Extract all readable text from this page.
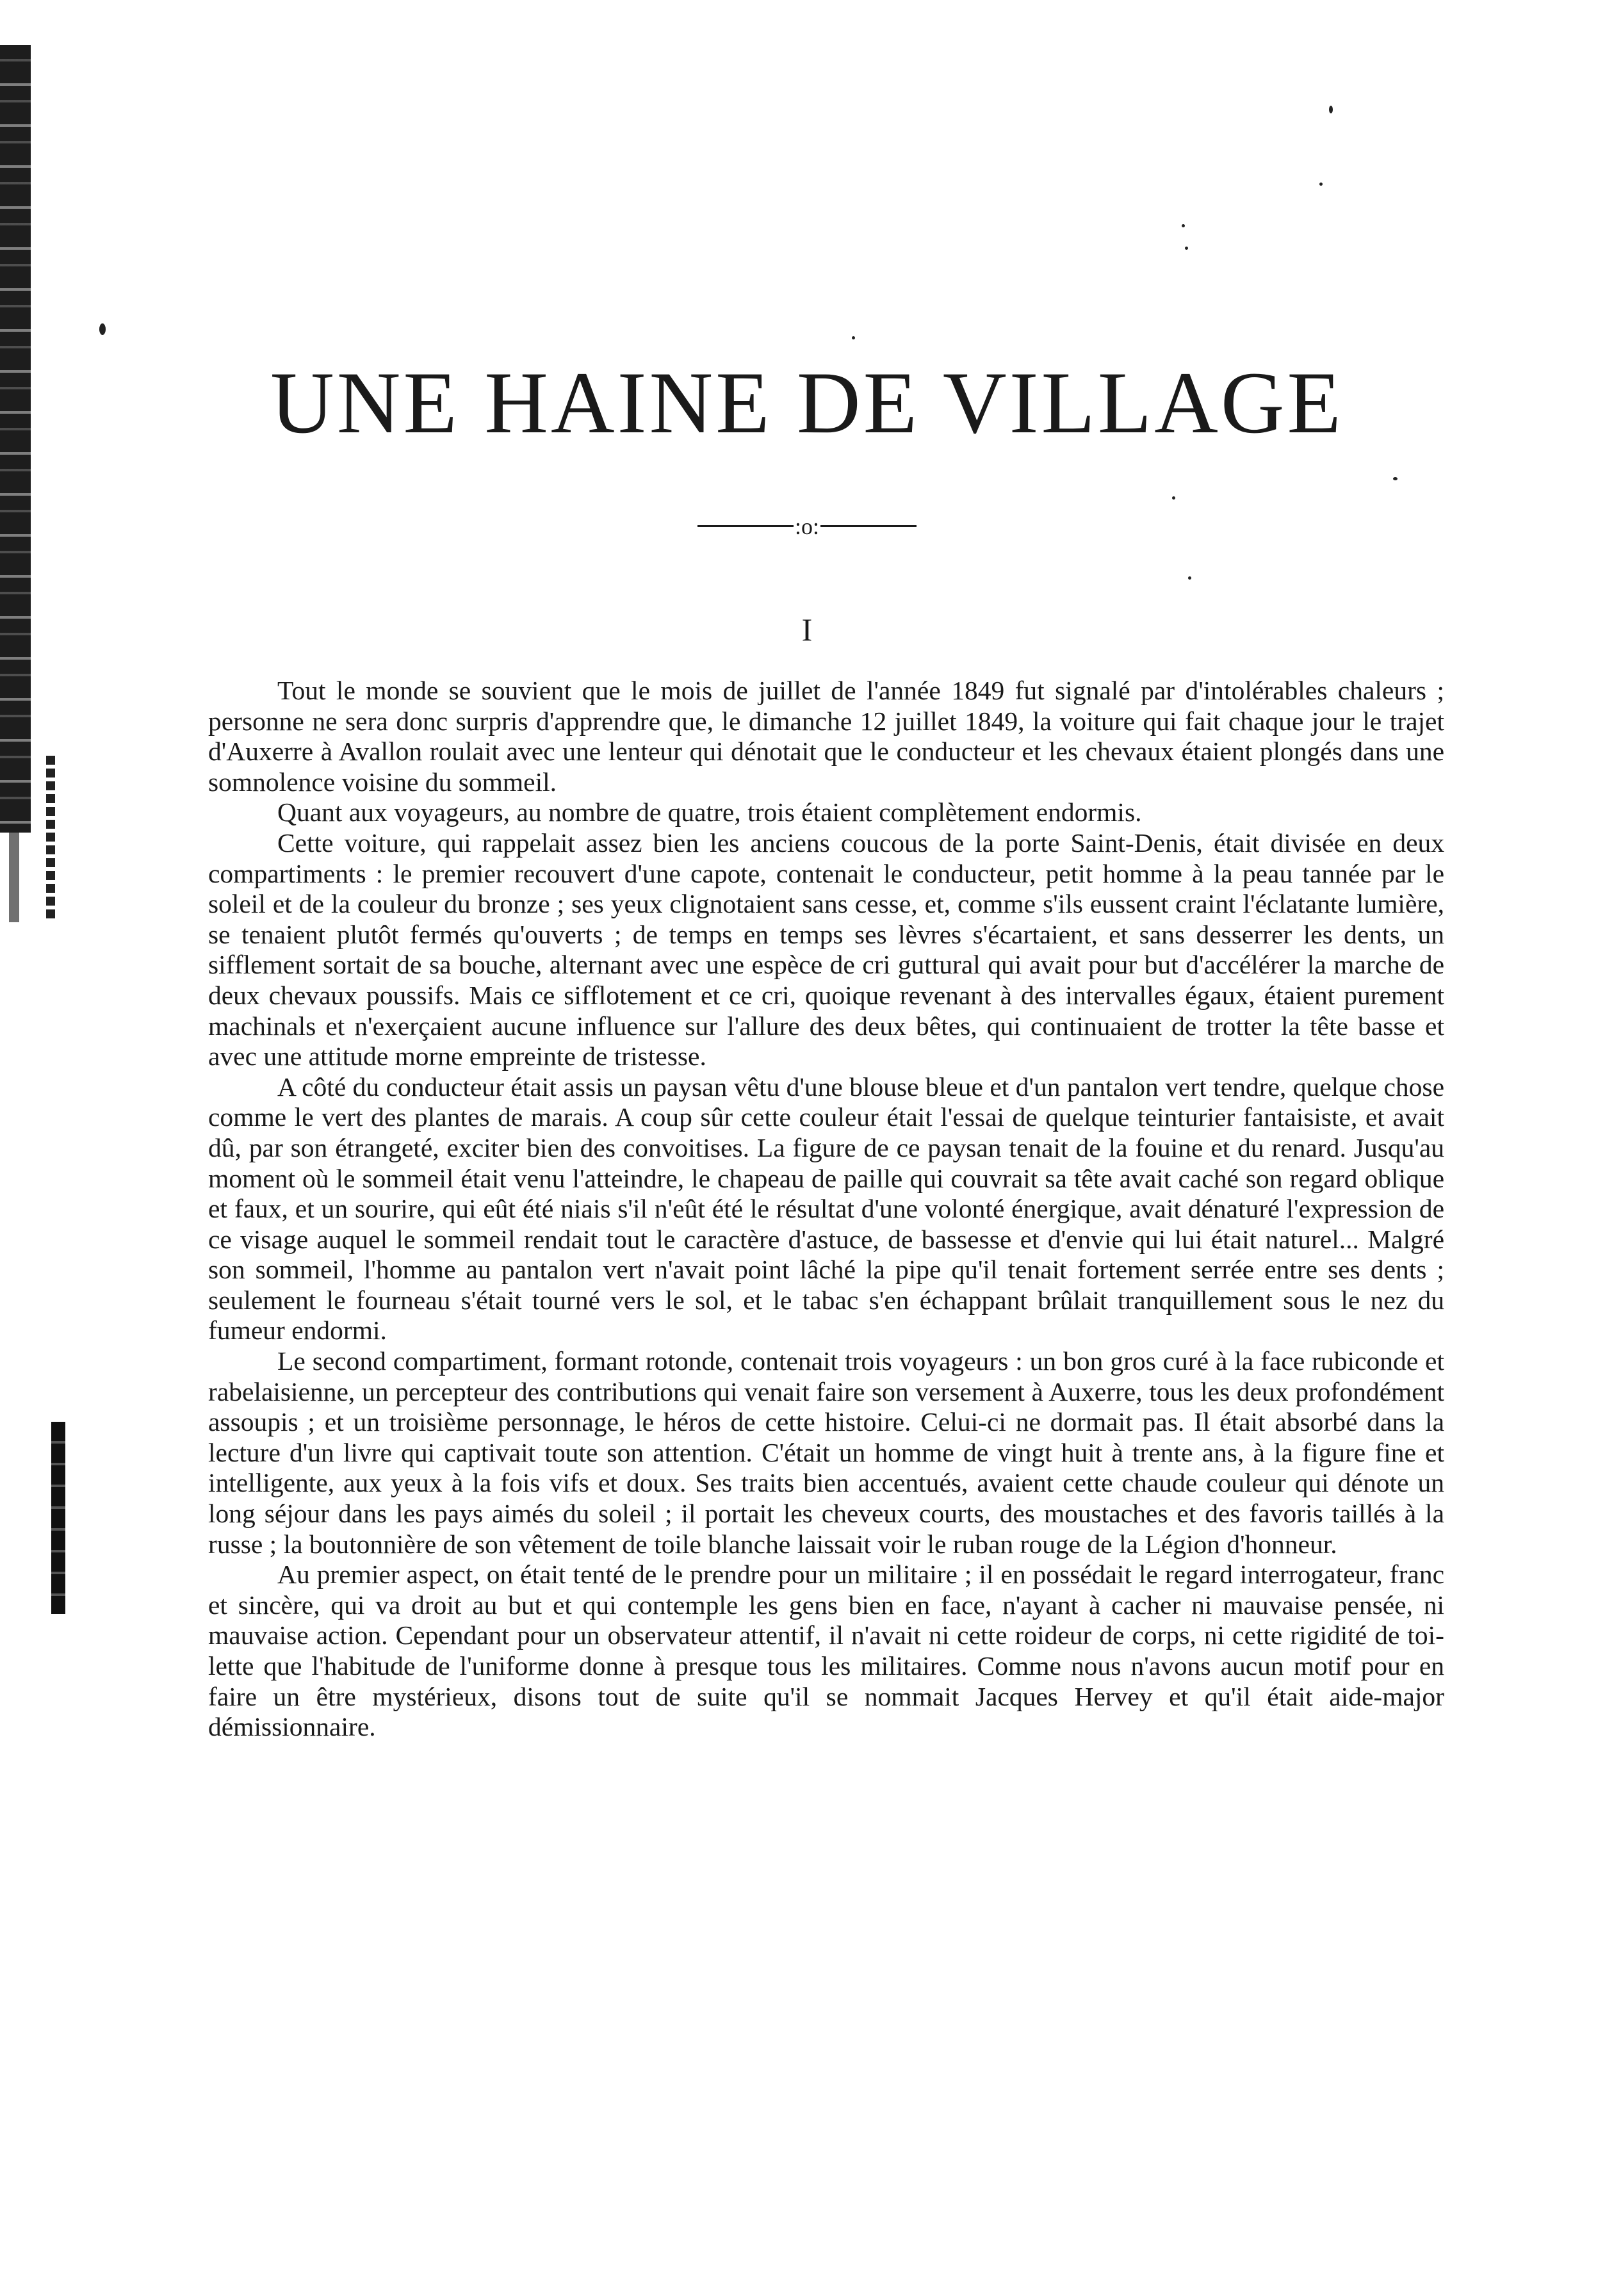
UNE HAINE DE VILLAGE
:o:
I

Tout le monde se souvient que le mois de juillet de l'année 1849 fut signalé par d'intolérables chaleurs ; personne ne sera donc surpris d'apprendre que, le dimanche 12 juillet 1849, la voiture qui fait chaque jour le trajet d'Auxerre à Avallon roulait avec une lenteur qui dénotait que le conducteur et les chevaux étaient plongés dans une somnolence voisine du sommeil.

Quant aux voyageurs, au nombre de quatre, trois étaient complètement endormis.

Cette voiture, qui rappelait assez bien les anciens coucous de la porte Saint-Denis, était divisée en deux compartiments : le premier recouvert d'une capote, contenait le conducteur, petit homme à la peau tannée par le soleil et de la couleur du bronze ; ses yeux clignotaient sans cesse, et, comme s'ils eussent craint l'éclatante lumière, se tenaient plutôt fermés qu'ouverts ; de temps en temps ses lèvres s'écartaient, et sans desserrer les dents, un sifflement sortait de sa bouche, alternant avec une espèce de cri guttural qui avait pour but d'accélérer la marche de deux chevaux poussifs. Mais ce sifflotement et ce cri, quoique revenant à des intervalles égaux, étaient purement machinals et n'exerçaient aucune influence sur l'allure des deux bêtes, qui continuaient de trotter la tête basse et avec une attitude morne empreinte de tristesse.

A côté du conducteur était assis un paysan vêtu d'une blouse bleue et d'un pantalon vert tendre, quelque chose comme le vert des plantes de marais. A coup sûr cette couleur était l'essai de quelque teinturier fantaisiste, et avait dû, par son étrangeté, exciter bien des convoitises. La figure de ce paysan tenait de la fouine et du renard. Jusqu'au moment où le sommeil était venu l'atteindre, le chapeau de paille qui couvrait sa tête avait caché son regard oblique et faux, et un sourire, qui eût été niais s'il n'eût été le résultat d'une volonté énergique, avait dénaturé l'expression de ce visage auquel le sommeil rendait tout le caractère d'astuce, de bassesse et d'envie qui lui était naturel... Malgré son sommeil, l'homme au pantalon vert n'avait point lâché la pipe qu'il tenait fortement serrée entre ses dents ; seulement le fourneau s'était tourné vers le sol, et le tabac s'en échappant brûlait tranquillement sous le nez du fumeur endormi.

Le second compartiment, formant rotonde, contenait trois voyageurs : un bon gros curé à la face rubiconde et rabelaisienne, un percepteur des contributions qui venait faire son versement à Auxerre, tous les deux profondément assoupis ; et un troisième personnage, le héros de cette histoire. Celui-ci ne dormait pas. Il était absorbé dans la lecture d'un livre qui captivait toute son attention. C'était un homme de vingt huit à trente ans, à la figure fine et intelligente, aux yeux à la fois vifs et doux. Ses traits bien accentués, avaient cette chaude couleur qui dénote un long séjour dans les pays aimés du soleil ; il portait les cheveux courts, des moustaches et des favoris taillés à la russe ; la boutonnière de son vêtement de toile blanche laissait voir le ruban rouge de la Légion d'honneur.

Au premier aspect, on était tenté de le prendre pour un militaire ; il en possédait le regard interrogateur, franc et sincère, qui va droit au but et qui contemple les gens bien en face, n'ayant à cacher ni mauvaise pensée, ni mauvaise action. Cependant pour un observateur attentif, il n'avait ni cette roideur de corps, ni cette rigidité de toilette que l'habitude de l'uniforme donne à presque tous les militaires. Comme nous n'avons aucun motif pour en faire un être mystérieux, disons tout de suite qu'il se nommait Jacques Hervey et qu'il était aide-major démissionnaire.
